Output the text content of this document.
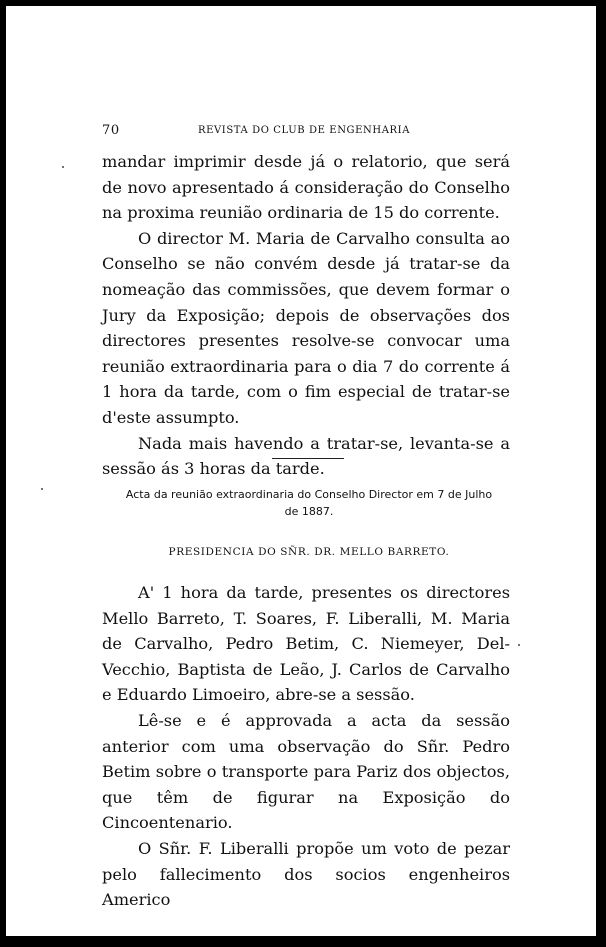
70	REVISTA DO CLUB DE ENGENHARIA

mandar imprimir desde já o relatorio, que será de novo apresentado á consideração do Conselho na proxima reunião ordinaria de 15 do corrente.

O director M. Maria de Carvalho consulta ao Conselho se não convém desde já tratar-se da nomeação das commissões, que devem formar o Jury da Exposição; depois de observações dos directores presentes resolve-se convocar uma reunião extraordinaria para o dia 7 do corrente á 1 hora da tarde, com o fim especial de tratar-se d'este assumpto.

Nada mais havendo a tratar-se, levanta-se a sessão ás 3 horas da tarde.

Acta da reunião extraordinaria do Conselho Director em 7 de Julho
de 1887.
PRESIDENCIA DO SÑR. DR. MELLO BARRETO.

A' 1 hora da tarde, presentes os directores Mello Barreto, T. Soares, F. Liberalli, M. Maria de Carvalho, Pedro Betim, C. Niemeyer, Del-Vecchio, Baptista de Leão, J. Carlos de Carvalho e Eduardo Limoeiro, abre-se a sessão.

Lê-se e é approvada a acta da sessão anterior com uma observação do Sñr. Pedro Betim sobre o transporte para Pariz dos objectos, que têm de figurar na Exposição do Cincoentenario.

O Sñr. F. Liberalli propõe um voto de pezar pelo fallecimento dos socios engenheiros Americo
